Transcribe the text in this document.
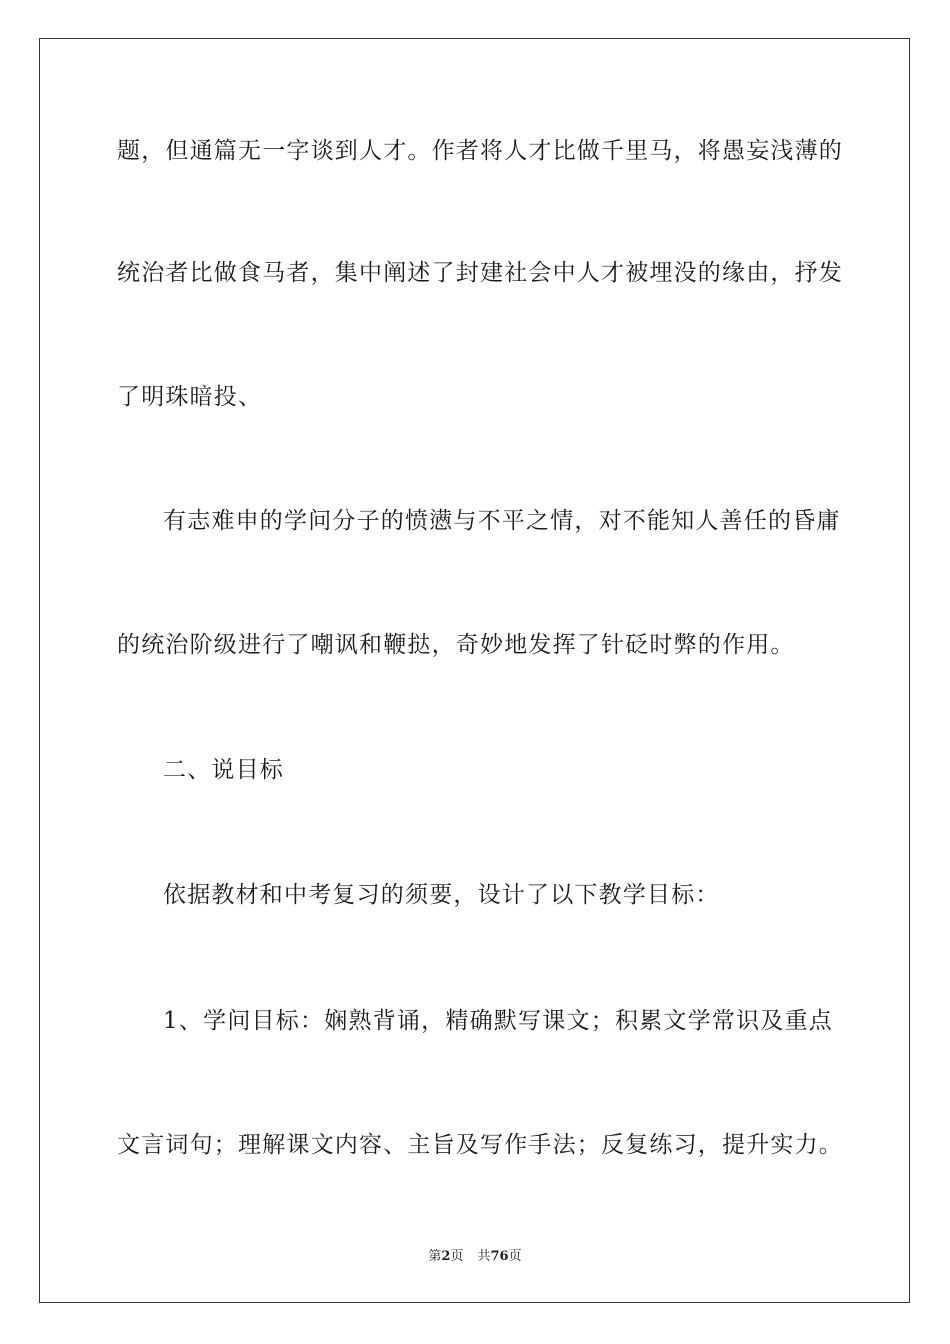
题，但通篇无一字谈到人才。作者将人才比做千里马，将愚妄浅薄的
统治者比做食马者，集中阐述了封建社会中人才被埋没的缘由，抒发
了明珠暗投、
有志难申的学问分子的愤懑与不平之情，对不能知人善任的昏庸
的统治阶级进行了嘲讽和鞭挞，奇妙地发挥了针砭时弊的作用。
二、说目标
依据教材和中考复习的须要，设计了以下教学目标：
1、学问目标：娴熟背诵，精确默写课文；积累文学常识及重点
文言词句；理解课文内容、主旨及写作手法；反复练习，提升实力。
第2页 共76页
